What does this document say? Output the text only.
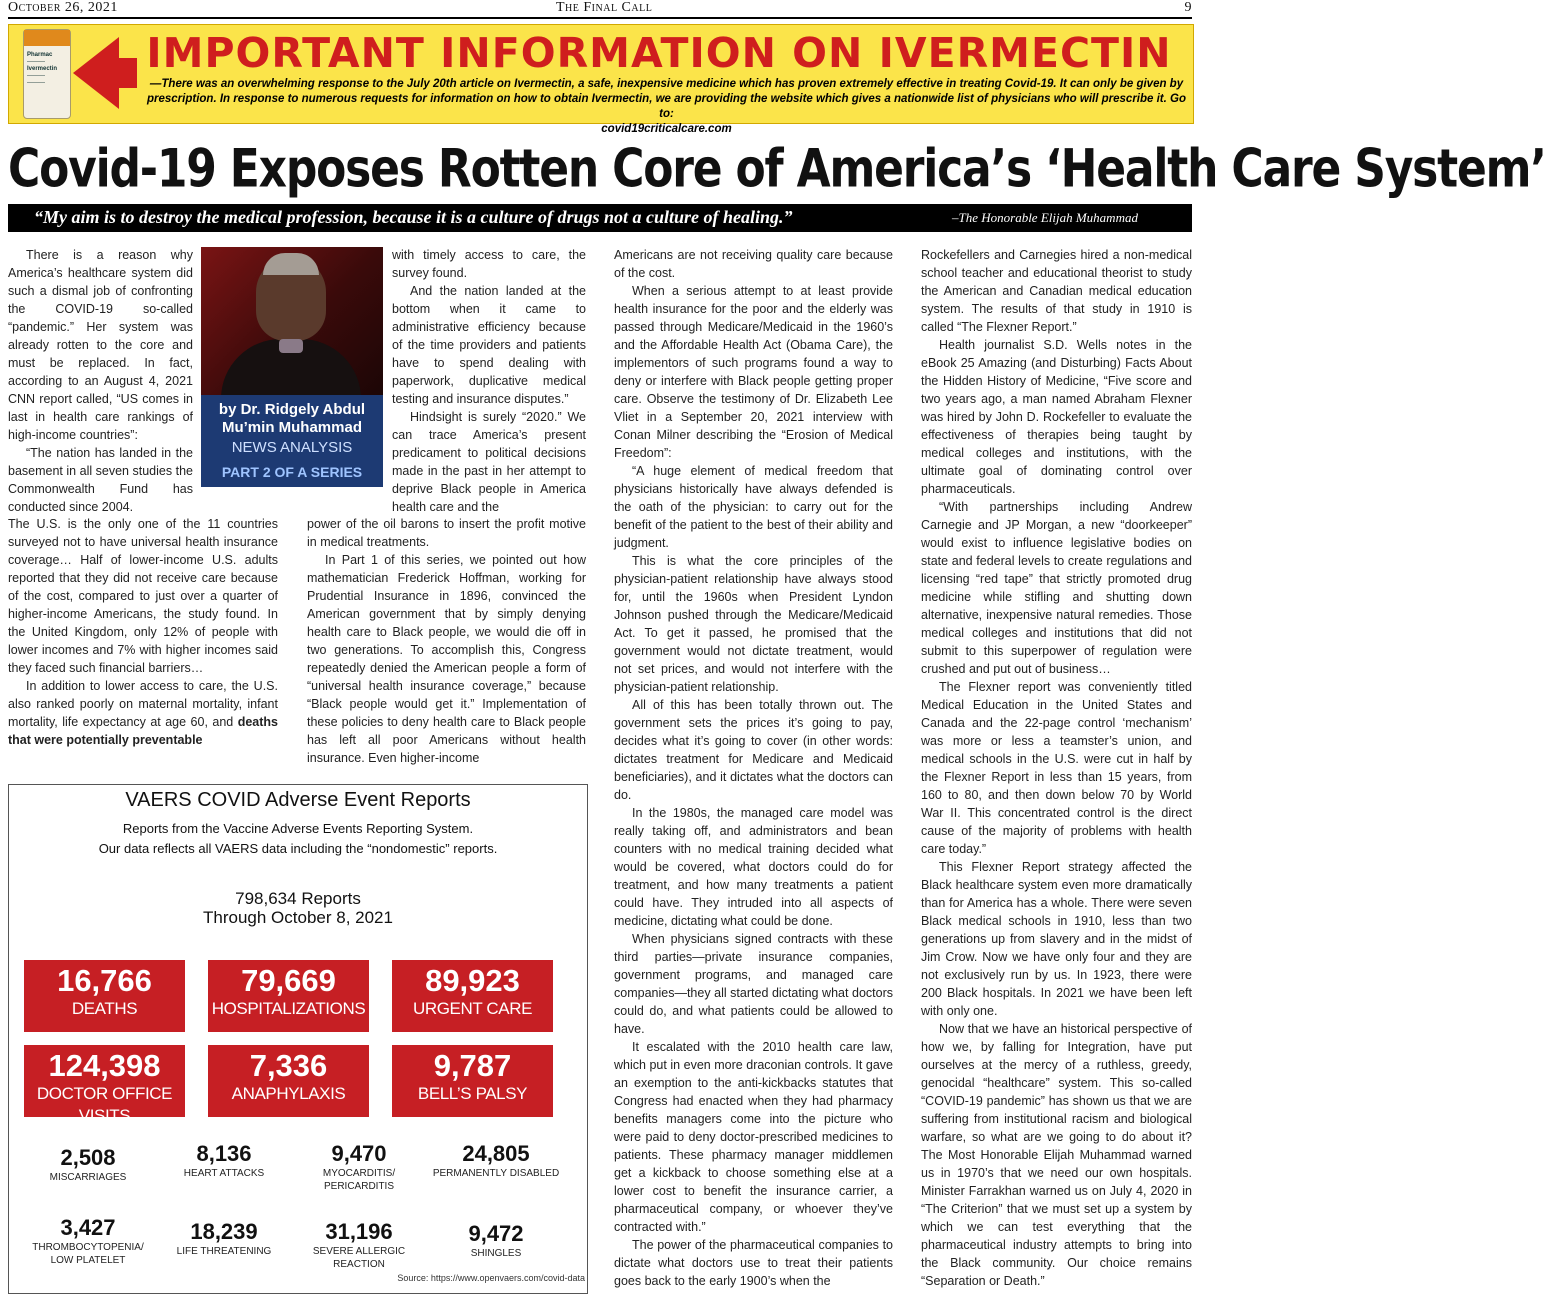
October 26, 2021	The Final Call	9
Pharmac
———
Ivermectin
———
———
IMPORTANT INFORMATION ON IVERMECTIN
—There was an overwhelming response to the July 20th article on Ivermectin, a safe, inexpensive medicine which has proven extremely effective in treating Covid-19. It can only be given by prescription. In response to numerous requests for information on how to obtain Ivermectin, we are providing the website which gives a nationwide list of physicians who will prescribe it. Go to:
covid19criticalcare.com
Covid-19 Exposes Rotten Core of America’s ‘Health Care System’
“My aim is to destroy the medical profession, because it is a culture of drugs not a culture of healing.”	–The Honorable Elijah Muhammad

There is a reason why America’s healthcare system did such a dismal job of confronting the COVID-19 so-called “pandemic.” Her system was already rotten to the core and must be replaced. In fact, according to an August 4, 2021 CNN report called, “US comes in last in health care rankings of high-income countries”:

“The nation has landed in the basement in all seven studies the Commonwealth Fund has conducted since 2004.

The U.S. is the only one of the 11 countries surveyed not to have universal health insurance coverage… Half of lower-income U.S. adults reported that they did not receive care because of the cost, compared to just over a quarter of higher-income Americans, the study found. In the United Kingdom, only 12% of people with lower incomes and 7% with higher incomes said they faced such financial barriers…

In addition to lower access to care, the U.S. also ranked poorly on maternal mortality, infant mortality, life expectancy at age 60, and deaths that were potentially preventable

by Dr. Ridgely Abdul
Mu’min Muhammad
NEWS ANALYSIS
PART 2 OF A SERIES

with timely access to care, the survey found.

And the nation landed at the bottom when it came to administrative efficiency because of the time providers and patients have to spend dealing with paperwork, duplicative medical testing and insurance disputes.”

Hindsight is surely “2020.” We can trace America’s present predicament to political decisions made in the past in her attempt to deprive Black people in America health care and the

power of the oil barons to insert the profit motive in medical treatments.

In Part 1 of this series, we pointed out how mathematician Frederick Hoffman, working for Prudential Insurance in 1896, convinced the American government that by simply denying health care to Black people, we would die off in two generations. To accomplish this, Congress repeatedly denied the American people a form of “universal health insurance coverage,” because “Black people would get it.” Implementation of these policies to deny health care to Black people has left all poor Americans without health insurance. Even higher-income

Americans are not receiving quality care because of the cost.

When a serious attempt to at least provide health insurance for the poor and the elderly was passed through Medicare/Medicaid in the 1960’s and the Affordable Health Act (Obama Care), the implementors of such programs found a way to deny or interfere with Black people getting proper care. Observe the testimony of Dr. Elizabeth Lee Vliet in a September 20, 2021 interview with Conan Milner describing the “Erosion of Medical Freedom”:

“A huge element of medical freedom that physicians historically have always defended is the oath of the physician: to carry out for the benefit of the patient to the best of their ability and judgment.

This is what the core principles of the physician-patient relationship have always stood for, until the 1960s when President Lyndon Johnson pushed through the Medicare/Medicaid Act. To get it passed, he promised that the government would not dictate treatment, would not set prices, and would not interfere with the physician-patient relationship.

All of this has been totally thrown out. The government sets the prices it’s going to pay, decides what it’s going to cover (in other words: dictates treatment for Medicare and Medicaid beneficiaries), and it dictates what the doctors can do.

In the 1980s, the managed care model was really taking off, and administrators and bean counters with no medical training decided what would be covered, what doctors could do for treatment, and how many treatments a patient could have. They intruded into all aspects of medicine, dictating what could be done.

When physicians signed contracts with these third parties—private insurance companies, government programs, and managed care companies—they all started dictating what doctors could do, and what patients could be allowed to have.

It escalated with the 2010 health care law, which put in even more draconian controls. It gave an exemption to the anti-kickbacks statutes that Congress had enacted when they had pharmacy benefits managers come into the picture who were paid to deny doctor-prescribed medicines to patients. These pharmacy manager middlemen get a kickback to choose something else at a lower cost to benefit the insurance carrier, a pharmaceutical company, or whoever they’ve contracted with.”

The power of the pharmaceutical companies to dictate what doctors use to treat their patients goes back to the early 1900’s when the

Rockefellers and Carnegies hired a non-medical school teacher and educational theorist to study the American and Canadian medical education system. The results of that study in 1910 is called “The Flexner Report.”

Health journalist S.D. Wells notes in the eBook 25 Amazing (and Disturbing) Facts About the Hidden History of Medicine, “Five score and two years ago, a man named Abraham Flexner was hired by John D. Rockefeller to evaluate the effectiveness of therapies being taught by medical colleges and institutions, with the ultimate goal of dominating control over pharmaceuticals.

“With partnerships including Andrew Carnegie and JP Morgan, a new “doorkeeper” would exist to influence legislative bodies on state and federal levels to create regulations and licensing “red tape” that strictly promoted drug medicine while stifling and shutting down alternative, inexpensive natural remedies. Those medical colleges and institutions that did not submit to this superpower of regulation were crushed and put out of business…

The Flexner report was conveniently titled Medical Education in the United States and Canada and the 22-page control ‘mechanism’ was more or less a teamster’s union, and medical schools in the U.S. were cut in half by the Flexner Report in less than 15 years, from 160 to 80, and then down below 70 by World War II. This concentrated control is the direct cause of the majority of problems with health care today.”

This Flexner Report strategy affected the Black healthcare system even more dramatically than for America has a whole. There were seven Black medical schools in 1910, less than two generations up from slavery and in the midst of Jim Crow. Now we have only four and they are not exclusively run by us. In 1923, there were 200 Black hospitals. In 2021 we have been left with only one.

Now that we have an historical perspective of how we, by falling for Integration, have put ourselves at the mercy of a ruthless, greedy, genocidal “healthcare” system. This so-called “COVID-19 pandemic” has shown us that we are suffering from institutional racism and biological warfare, so what are we going to do about it? The Most Honorable Elijah Muhammad warned us in 1970’s that we need our own hospitals. Minister Farrakhan warned us on July 4, 2020 in “The Criterion” that we must set up a system by which we can test everything that the pharmaceutical industry attempts to bring into the Black community. Our choice remains “Separation or Death.”

VAERS COVID Adverse Event Reports
Reports from the Vaccine Adverse Events Reporting System.
Our data reflects all VAERS data including the “nondomestic” reports.
798,634 Reports
Through October 8, 2021
16,766
DEATHS
79,669
HOSPITALIZATIONS
89,923
URGENT CARE
124,398
DOCTOR OFFICE VISITS
7,336
ANAPHYLAXIS
9,787
BELL’S PALSY
2,508
MISCARRIAGES
8,136
HEART ATTACKS
9,470
MYOCARDITIS/ PERICARDITIS
24,805
PERMANENTLY DISABLED
3,427
THROMBOCYTOPENIA/ LOW PLATELET
18,239
LIFE THREATENING
31,196
SEVERE ALLERGIC REACTION
9,472
SHINGLES
Source: https://www.openvaers.com/covid-data
